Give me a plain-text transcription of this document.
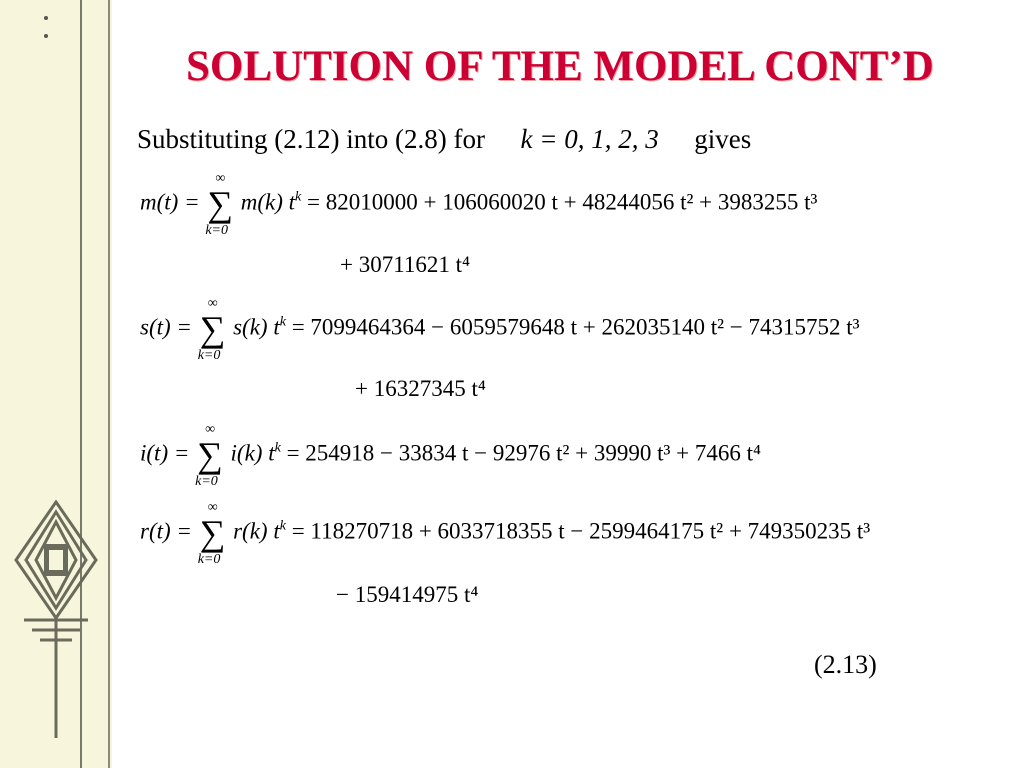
SOLUTION OF THE MODEL CONT’D
Substituting (2.12) into (2.8) for k = 0, 1, 2, 3 gives
m(t) = ∑
∞
k=0
m(k) $t^k = 82010000 + 106060020$ t + 48244056 t² + 3983255 t³
+ 30711621 t⁴
s(t) = ∑
∞
k=0
s(k) $t^k = 7099464364 - 6059579648$ t + 262035140 t² − 74315752 t³
+ 16327345 t⁴
i(t) = ∑
∞
k=0
i(k) $t^k = 254918 - 33834$ t − 92976 t² + 39990 t³ + 7466 t⁴
r(t) = ∑
∞
k=0
r(k) $t^k = 118270718 + 6033718355$ t − 2599464175 t² + 749350235 t³
− 159414975 t⁴
(2.13)
